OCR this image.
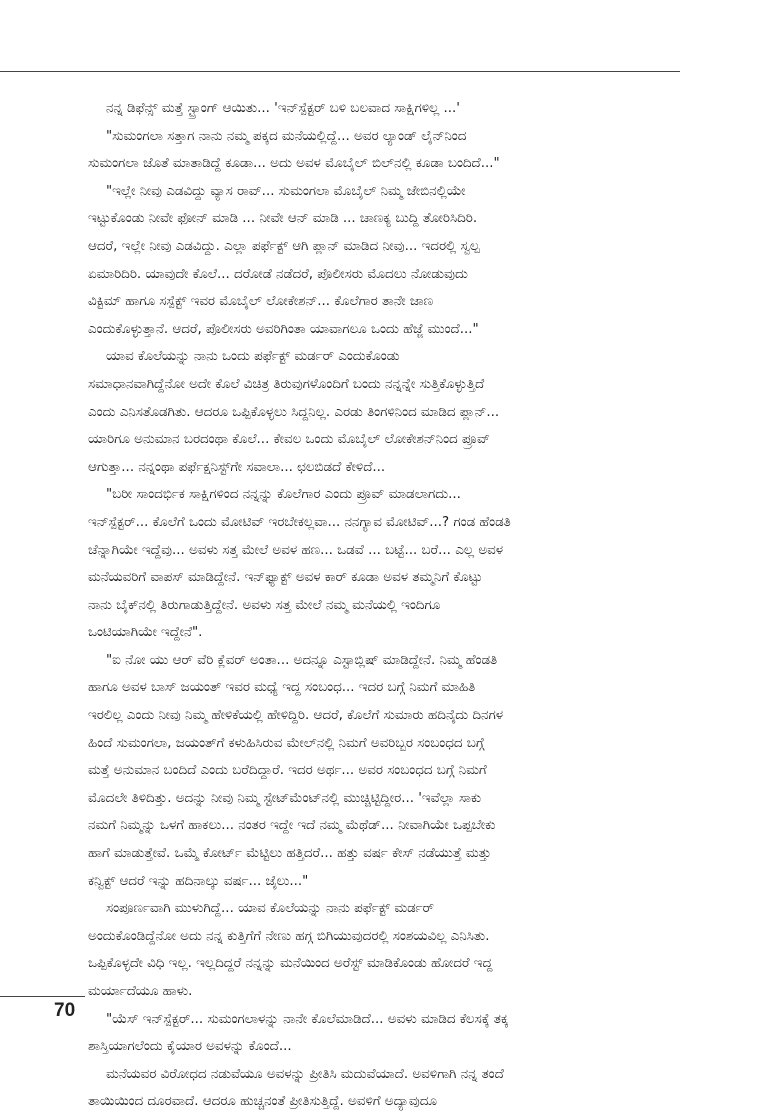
ನನ್ನ ಡಿಫೆನ್ಸ್ ಮತ್ತೆ ಸ್ಟ್ರಾಂಗ್ ಆಯಿತು... 'ಇನ್‌ಸ್ಪೆಕ್ಟರ್ ಬಳಿ ಬಲವಾದ ಸಾಕ್ಷಿಗಳಿಲ್ಲ ...'
"ಸುಮಂಗಲಾ ಸತ್ತಾಗ ನಾನು ನಮ್ಮ ಪಕ್ಕದ ಮನೆಯಲ್ಲಿದ್ದೆ... ಅವರ ಲ್ಯಾಂಡ್ ಲೈನ್‌ನಿಂದ
ಸುಮಂಗಲಾ ಜೊತೆ ಮಾತಾಡಿದ್ದೆ ಕೂಡಾ... ಅದು ಅವಳ ಮೊಬೈಲ್ ಬಿಲ್‌ನಲ್ಲಿ ಕೂಡಾ ಬಂದಿದೆ..."
"ಇಲ್ಲೇ ನೀವು ಎಡವಿದ್ದು ವ್ಯಾಸ ರಾವ್... ಸುಮಂಗಲಾ ಮೊಬೈಲ್ ನಿಮ್ಮ ಜೇಬಿನಲ್ಲಿಯೇ
ಇಟ್ಟುಕೊಂಡು ನೀವೇ ಫೋನ್ ಮಾಡಿ ... ನೀವೇ ಆನ್ ಮಾಡಿ ... ಚಾಣಕ್ಯ ಬುದ್ದಿ ತೋರಿಸಿದಿರಿ.
ಆದರೆ, ಇಲ್ಲೇ ನೀವು ಎಡವಿದ್ದು. ಎಲ್ಲಾ ಪರ್ಫೆಕ್ಟ್ ಆಗಿ ಪ್ಲಾನ್ ಮಾಡಿದ ನೀವು... ಇದರಲ್ಲಿ ಸ್ವಲ್ಪ
ಏಮಾರಿದಿರಿ. ಯಾವುದೇ ಕೊಲೆ... ದರೋಡೆ ನಡೆದರೆ, ಪೊಲೀಸರು ಮೊದಲು ನೋಡುವುದು
ವಿಕ್ಟಿಮ್ ಹಾಗೂ ಸಸ್ಪೆಕ್ಟ್ ಇವರ ಮೊಬೈಲ್ ಲೋಕೇಶನ್... ಕೊಲೆಗಾರ ತಾನೇ ಜಾಣ
ಎಂದುಕೊಳ್ಳುತ್ತಾನೆ. ಆದರೆ, ಪೊಲೀಸರು ಅವರಿಗಿಂತಾ ಯಾವಾಗಲೂ ಒಂದು ಹೆಜ್ಜೆ ಮುಂದೆ..."
ಯಾವ ಕೊಲೆಯನ್ನು ನಾನು ಒಂದು ಪರ್ಫೆಕ್ಟ್ ಮರ್ಡರ್ ಎಂದುಕೊಂಡು
ಸಮಾಧಾನವಾಗಿದ್ದೆನೋ ಅದೇ ಕೊಲೆ ವಿಚಿತ್ರ ತಿರುವುಗಳೊಂದಿಗೆ ಬಂದು ನನ್ನನ್ನೇ ಸುತ್ತಿಕೊಳ್ಳುತ್ತಿದೆ
ಎಂದು ಎನಿಸತೊಡಗಿತು. ಆದರೂ ಒಪ್ಪಿಕೊಳ್ಳಲು ಸಿದ್ದನಿಲ್ಲ. ಎರಡು ತಿಂಗಳಿನಿಂದ ಮಾಡಿದ ಪ್ಲಾನ್...
ಯಾರಿಗೂ ಅನುಮಾನ ಬರದಂಥಾ ಕೊಲೆ... ಕೇವಲ ಒಂದು ಮೊಬೈಲ್ ಲೋಕೇಶನ್‌ನಿಂದ ಪ್ರೂವ್
ಆಗುತ್ತಾ... ನನ್ನಂಥಾ ಪರ್ಫೆಕ್ಷನಿಸ್ಟ್‌ಗೇ ಸವಾಲಾ... ಛಲಬಿಡದೆ ಕೇಳಿದೆ...
"ಬರೀ ಸಾಂದರ್ಭಿಕ ಸಾಕ್ಷಿಗಳಿಂದ ನನ್ನನ್ನು ಕೊಲೆಗಾರ ಎಂದು ಪ್ರೂವ್ ಮಾಡಲಾಗದು...
ಇನ್‌ಸ್ಪೆಕ್ಟರ್... ಕೊಲೆಗೆ ಒಂದು ಮೋಟಿವ್ ಇರಬೇಕಲ್ಲವಾ... ನನಗ್ಯಾವ ಮೋಟಿವ್...? ಗಂಡ ಹೆಂಡತಿ
ಚೆನ್ನಾಗಿಯೇ ಇದ್ದೆವು... ಅವಳು ಸತ್ತ ಮೇಲೆ ಅವಳ ಹಣ... ಒಡವೆ ... ಬಟ್ಟೆ... ಬರೆ... ಎಲ್ಲ ಅವಳ
ಮನೆಯವರಿಗೆ ವಾಪಸ್ ಮಾಡಿದ್ದೇನೆ. ಇನ್‌ಫ್ಯಾಕ್ಟ್ ಅವಳ ಕಾರ್ ಕೂಡಾ ಅವಳ ತಮ್ಮನಿಗೆ ಕೊಟ್ಟು
ನಾನು ಬೈಕ್‌ನಲ್ಲಿ ತಿರುಗಾಡುತ್ತಿದ್ದೇನೆ. ಅವಳು ಸತ್ತ ಮೇಲೆ ನಮ್ಮ ಮನೆಯಲ್ಲಿ ಇಂದಿಗೂ
ಒಂಟಿಯಾಗಿಯೇ ಇದ್ದೇನೆ".
"ಐ ನೋ ಯು ಆರ್ ವೆರಿ ಕ್ಲೆವರ್ ಅಂತಾ... ಅದನ್ನೂ ಎಸ್ಟಾಬ್ಲಿಷ್ ಮಾಡಿದ್ದೇನೆ. ನಿಮ್ಮ ಹೆಂಡತಿ
ಹಾಗೂ ಅವಳ ಬಾಸ್ ಜಯಂತ್ ಇವರ ಮಧ್ಯೆ ಇದ್ದ ಸಂಬಂಧ... ಇದರ ಬಗ್ಗೆ ನಿಮಗೆ ಮಾಹಿತಿ
ಇರಲಿಲ್ಲ ಎಂದು ನೀವು ನಿಮ್ಮ ಹೇಳಿಕೆಯಲ್ಲಿ ಹೇಳಿದ್ದಿರಿ. ಆದರೆ, ಕೊಲೆಗೆ ಸುಮಾರು ಹದಿನೈದು ದಿನಗಳ
ಹಿಂದೆ ಸುಮಂಗಲಾ, ಜಯಂತ್‌ಗೆ ಕಳುಹಿಸಿರುವ ಮೇಲ್‌ನಲ್ಲಿ ನಿಮಗೆ ಅವರಿಬ್ಬರ ಸಂಬಂಧದ ಬಗ್ಗೆ
ಮತ್ತೆ ಅನುಮಾನ ಬಂದಿದೆ ಎಂದು ಬರೆದಿದ್ದಾರೆ. ಇದರ ಅರ್ಥ... ಅವರ ಸಂಬಂಧದ ಬಗ್ಗೆ ನಿಮಗೆ
ಮೊದಲೇ ತಿಳಿದಿತ್ತು. ಅದನ್ನು ನೀವು ನಿಮ್ಮ ಸ್ಟೇಟ್‌ಮೆಂಟ್‌ನಲ್ಲಿ ಮುಚ್ಚಿಟ್ಟಿದ್ದೀರ... 'ಇವೆಲ್ಲಾ ಸಾಕು
ನಮಗೆ ನಿಮ್ಮನ್ನು ಒಳಗೆ ಹಾಕಲು... ನಂತರ ಇದ್ದೇ ಇದೆ ನಮ್ಮ ಮೆಥೆಡ್... ನೀವಾಗಿಯೇ ಒಪ್ಪಬೇಕು
ಹಾಗೆ ಮಾಡುತ್ತೇವೆ. ಒಮ್ಮೆ ಕೋರ್ಟ್ ಮೆಟ್ಟಿಲು ಹತ್ತಿದರೆ... ಹತ್ತು ವರ್ಷ ಕೇಸ್ ನಡೆಯುತ್ತೆ ಮತ್ತು
ಕನ್ವಿಕ್ಟ್ ಆದರೆ ಇನ್ನು ಹದಿನಾಲ್ಕು ವರ್ಷ... ಜೈಲು..."
ಸಂಪೂರ್ಣವಾಗಿ ಮುಳುಗಿದ್ದೆ... ಯಾವ ಕೊಲೆಯನ್ನು ನಾನು ಪರ್ಫೆಕ್ಟ್ ಮರ್ಡರ್
ಅಂದುಕೊಂಡಿದ್ದೆನೋ ಅದು ನನ್ನ ಕುತ್ತಿಗೆಗೆ ನೇಣು ಹಗ್ಗ ಬಿಗಿಯುವುದರಲ್ಲಿ ಸಂಶಯವಿಲ್ಲ ಎನಿಸಿತು.
ಒಪ್ಪಿಕೊಳ್ಳದೇ ವಿಧಿ ಇಲ್ಲ. ಇಲ್ಲದಿದ್ದರೆ ನನ್ನನ್ನು ಮನೆಯಿಂದ ಅರೆಸ್ಟ್ ಮಾಡಿಕೊಂಡು ಹೋದರೆ ಇದ್ದ
ಮರ್ಯಾದೆಯೂ ಹಾಳು.
"ಯೆಸ್ ಇನ್‌ಸ್ಪೆಕ್ಟರ್... ಸುಮಂಗಲಾಳನ್ನು ನಾನೇ ಕೊಲೆಮಾಡಿದೆ... ಅವಳು ಮಾಡಿದ ಕೆಲಸಕ್ಕೆ ತಕ್ಕ
ಶಾಸ್ತಿಯಾಗಲೆಂದು ಕೈಯಾರ ಅವಳನ್ನು ಕೊಂದೆ...
ಮನೆಯವರ ವಿರೋಧದ ನಡುವೆಯೂ ಅವಳನ್ನು ಪ್ರೀತಿಸಿ ಮದುವೆಯಾದೆ. ಅವಳಿಗಾಗಿ ನನ್ನ ತಂದೆ
ತಾಯಿಯಿಂದ ದೂರವಾದೆ. ಆದರೂ ಹುಚ್ಚನಂತೆ ಪ್ರೀತಿಸುತ್ತಿದ್ದೆ. ಅವಳಿಗೆ ಅದ್ಯಾವುದೂ
70
